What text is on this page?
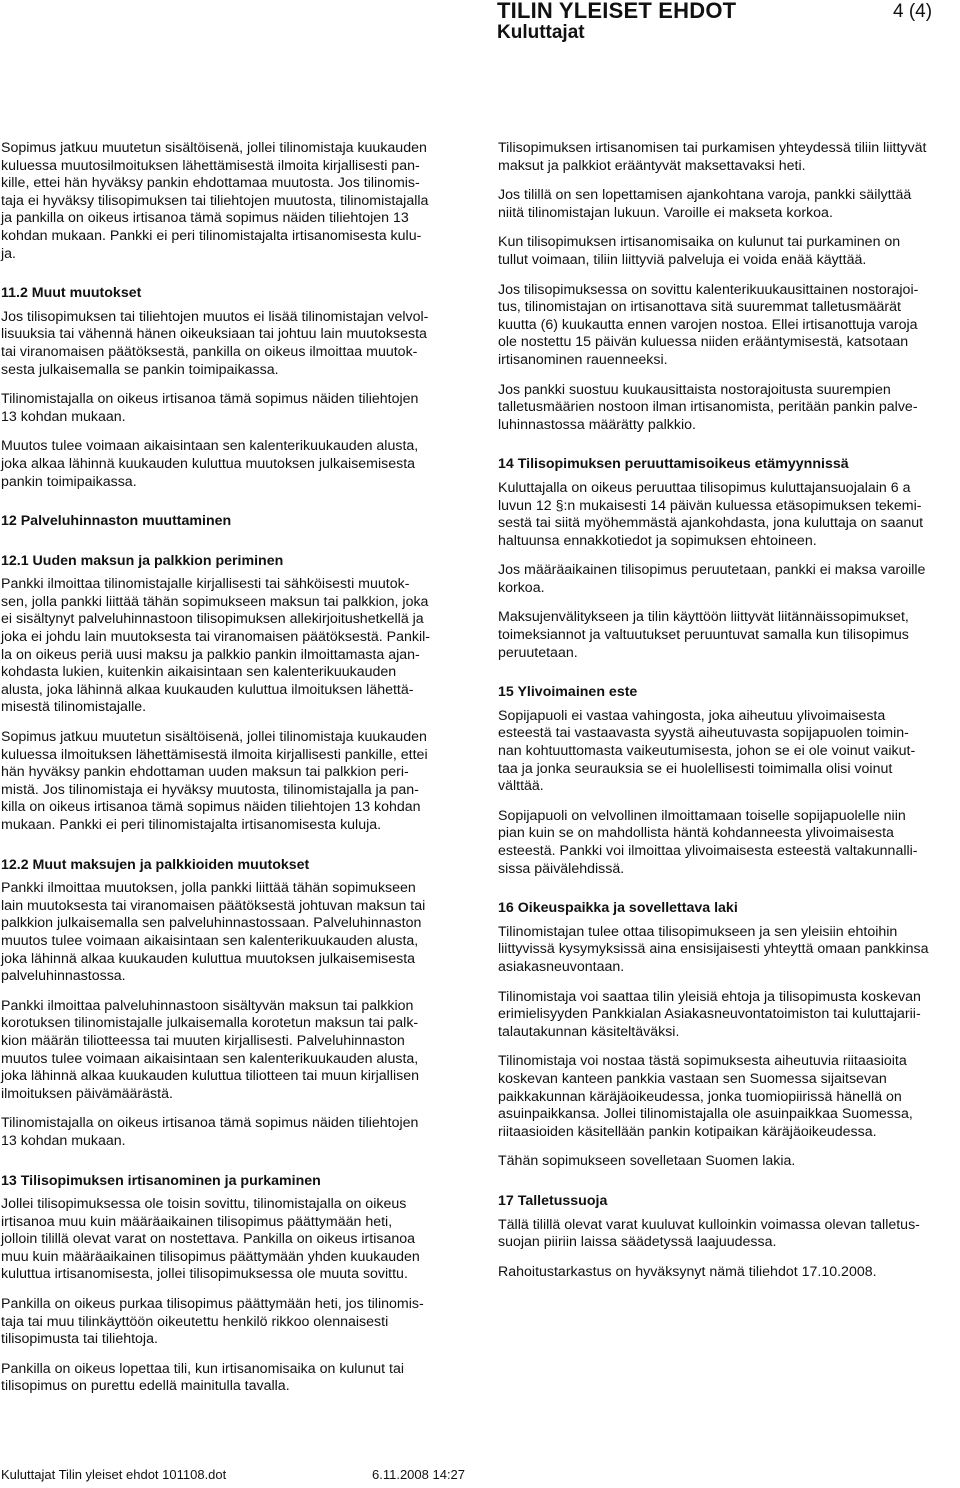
TILIN YLEISET EHDOT
Kuluttajat
4 (4)

Sopimus jatkuu muutetun sisältöisenä, jollei tilinomistaja kuukauden
kuluessa muutosilmoituksen lähettämisestä ilmoita kirjallisesti pan-
kille, ettei hän hyväksy pankin ehdottamaa muutosta. Jos tilinomis-
taja ei hyväksy tilisopimuksen tai tiliehtojen muutosta, tilinomistajalla
ja pankilla on oikeus irtisanoa tämä sopimus näiden tiliehtojen 13
kohdan mukaan. Pankki ei peri tilinomistajalta irtisanomisesta kulu-
ja.

11.2 Muut muutokset

Jos tilisopimuksen tai tiliehtojen muutos ei lisää tilinomistajan velvol-
lisuuksia tai vähennä hänen oikeuksiaan tai johtuu lain muutoksesta
tai viranomaisen päätöksestä, pankilla on oikeus ilmoittaa muutok-
sesta julkaisemalla se pankin toimipaikassa.

Tilinomistajalla on oikeus irtisanoa tämä sopimus näiden tiliehtojen
13 kohdan mukaan.

Muutos tulee voimaan aikaisintaan sen kalenterikuukauden alusta,
joka alkaa lähinnä kuukauden kuluttua muutoksen julkaisemisesta
pankin toimipaikassa.

12 Palveluhinnaston muuttaminen
12.1 Uuden maksun ja palkkion periminen

Pankki ilmoittaa tilinomistajalle kirjallisesti tai sähköisesti muutok-
sen, jolla pankki liittää tähän sopimukseen maksun tai palkkion, joka
ei sisältynyt palveluhinnastoon tilisopimuksen allekirjoitushetkellä ja
joka ei johdu lain muutoksesta tai viranomaisen päätöksestä. Pankil-
la on oikeus periä uusi maksu ja palkkio pankin ilmoittamasta ajan-
kohdasta lukien, kuitenkin aikaisintaan sen kalenterikuukauden
alusta, joka lähinnä alkaa kuukauden kuluttua ilmoituksen lähettä-
misestä tilinomistajalle.

Sopimus jatkuu muutetun sisältöisenä, jollei tilinomistaja kuukauden
kuluessa ilmoituksen lähettämisestä ilmoita kirjallisesti pankille, ettei
hän hyväksy pankin ehdottaman uuden maksun tai palkkion peri-
mistä. Jos tilinomistaja ei hyväksy muutosta, tilinomistajalla ja pan-
killa on oikeus irtisanoa tämä sopimus näiden tiliehtojen 13 kohdan
mukaan. Pankki ei peri tilinomistajalta irtisanomisesta kuluja.

12.2 Muut maksujen ja palkkioiden muutokset

Pankki ilmoittaa muutoksen, jolla pankki liittää tähän sopimukseen
lain muutoksesta tai viranomaisen päätöksestä johtuvan maksun tai
palkkion julkaisemalla sen palveluhinnastossaan. Palveluhinnaston
muutos tulee voimaan aikaisintaan sen kalenterikuukauden alusta,
joka lähinnä alkaa kuukauden kuluttua muutoksen julkaisemisesta
palveluhinnastossa.

Pankki ilmoittaa palveluhinnastoon sisältyvän maksun tai palkkion
korotuksen tilinomistajalle julkaisemalla korotetun maksun tai palk-
kion määrän tiliotteessa tai muuten kirjallisesti. Palveluhinnaston
muutos tulee voimaan aikaisintaan sen kalenterikuukauden alusta,
joka lähinnä alkaa kuukauden kuluttua tiliotteen tai muun kirjallisen
ilmoituksen päivämäärästä.

Tilinomistajalla on oikeus irtisanoa tämä sopimus näiden tiliehtojen
13 kohdan mukaan.

13 Tilisopimuksen irtisanominen ja purkaminen

Jollei tilisopimuksessa ole toisin sovittu, tilinomistajalla on oikeus
irtisanoa muu kuin määräaikainen tilisopimus päättymään heti,
jolloin tilillä olevat varat on nostettava. Pankilla on oikeus irtisanoa
muu kuin määräaikainen tilisopimus päättymään yhden kuukauden
kuluttua irtisanomisesta, jollei tilisopimuksessa ole muuta sovittu.

Pankilla on oikeus purkaa tilisopimus päättymään heti, jos tilinomis-
taja tai muu tilinkäyttöön oikeutettu henkilö rikkoo olennaisesti
tilisopimusta tai tiliehtoja.

Pankilla on oikeus lopettaa tili, kun irtisanomisaika on kulunut tai
tilisopimus on purettu edellä mainitulla tavalla.

Tilisopimuksen irtisanomisen tai purkamisen yhteydessä tiliin liittyvät
maksut ja palkkiot erääntyvät maksettavaksi heti.

Jos tilillä on sen lopettamisen ajankohtana varoja, pankki säilyttää
niitä tilinomistajan lukuun. Varoille ei makseta korkoa.

Kun tilisopimuksen irtisanomisaika on kulunut tai purkaminen on
tullut voimaan, tiliin liittyviä palveluja ei voida enää käyttää.

Jos tilisopimuksessa on sovittu kalenterikuukausittainen nostorajoi-
tus, tilinomistajan on irtisanottava sitä suuremmat talletusmäärät
kuutta (6) kuukautta ennen varojen nostoa. Ellei irtisanottuja varoja
ole nostettu 15 päivän kuluessa niiden erääntymisestä, katsotaan
irtisanominen rauenneeksi.

Jos pankki suostuu kuukausittaista nostorajoitusta suurempien
talletusmäärien nostoon ilman irtisanomista, peritään pankin palve-
luhinnastossa määrätty palkkio.

14 Tilisopimuksen peruuttamisoikeus etämyynnissä

Kuluttajalla on oikeus peruuttaa tilisopimus kuluttajansuojalain 6 a
luvun 12 §:n mukaisesti 14 päivän kuluessa etäsopimuksen tekemi-
sestä tai siitä myöhemmästä ajankohdasta, jona kuluttaja on saanut
haltuunsa ennakkotiedot ja sopimuksen ehtoineen.

Jos määräaikainen tilisopimus peruutetaan, pankki ei maksa varoille
korkoa.

Maksujenvälitykseen ja tilin käyttöön liittyvät liitännäissopimukset,
toimeksiannot ja valtuutukset peruuntuvat samalla kun tilisopimus
peruutetaan.

15 Ylivoimainen este

Sopijapuoli ei vastaa vahingosta, joka aiheutuu ylivoimaisesta
esteestä tai vastaavasta syystä aiheutuvasta sopijapuolen toimin-
nan kohtuuttomasta vaikeutumisesta, johon se ei ole voinut vaikut-
taa ja jonka seurauksia se ei huolellisesti toimimalla olisi voinut
välttää.

Sopijapuoli on velvollinen ilmoittamaan toiselle sopijapuolelle niin
pian kuin se on mahdollista häntä kohdanneesta ylivoimaisesta
esteestä. Pankki voi ilmoittaa ylivoimaisesta esteestä valtakunnalli-
sissa päivälehdissä.

16 Oikeuspaikka ja sovellettava laki

Tilinomistajan tulee ottaa tilisopimukseen ja sen yleisiin ehtoihin
liittyvissä kysymyksissä aina ensisijaisesti yhteyttä omaan pankkinsa
asiakasneuvontaan.

Tilinomistaja voi saattaa tilin yleisiä ehtoja ja tilisopimusta koskevan
erimielisyyden Pankkialan Asiakasneuvontatoimiston tai kuluttajarii-
talautakunnan käsiteltäväksi.

Tilinomistaja voi nostaa tästä sopimuksesta aiheutuvia riitaasioita
koskevan kanteen pankkia vastaan sen Suomessa sijaitsevan
paikkakunnan käräjäoikeudessa, jonka tuomiopiirissä hänellä on
asuinpaikkansa. Jollei tilinomistajalla ole asuinpaikkaa Suomessa,
riitaasioiden käsitellään pankin kotipaikan käräjäoikeudessa.

Tähän sopimukseen sovelletaan Suomen lakia.

17 Talletussuoja

Tällä tilillä olevat varat kuuluvat kulloinkin voimassa olevan talletus-
suojan piiriin laissa säädetyssä laajuudessa.

Rahoitustarkastus on hyväksynyt nämä tiliehdot 17.10.2008.

Kuluttajat Tilin yleiset ehdot 101108.dot	6.11.2008 14:27
